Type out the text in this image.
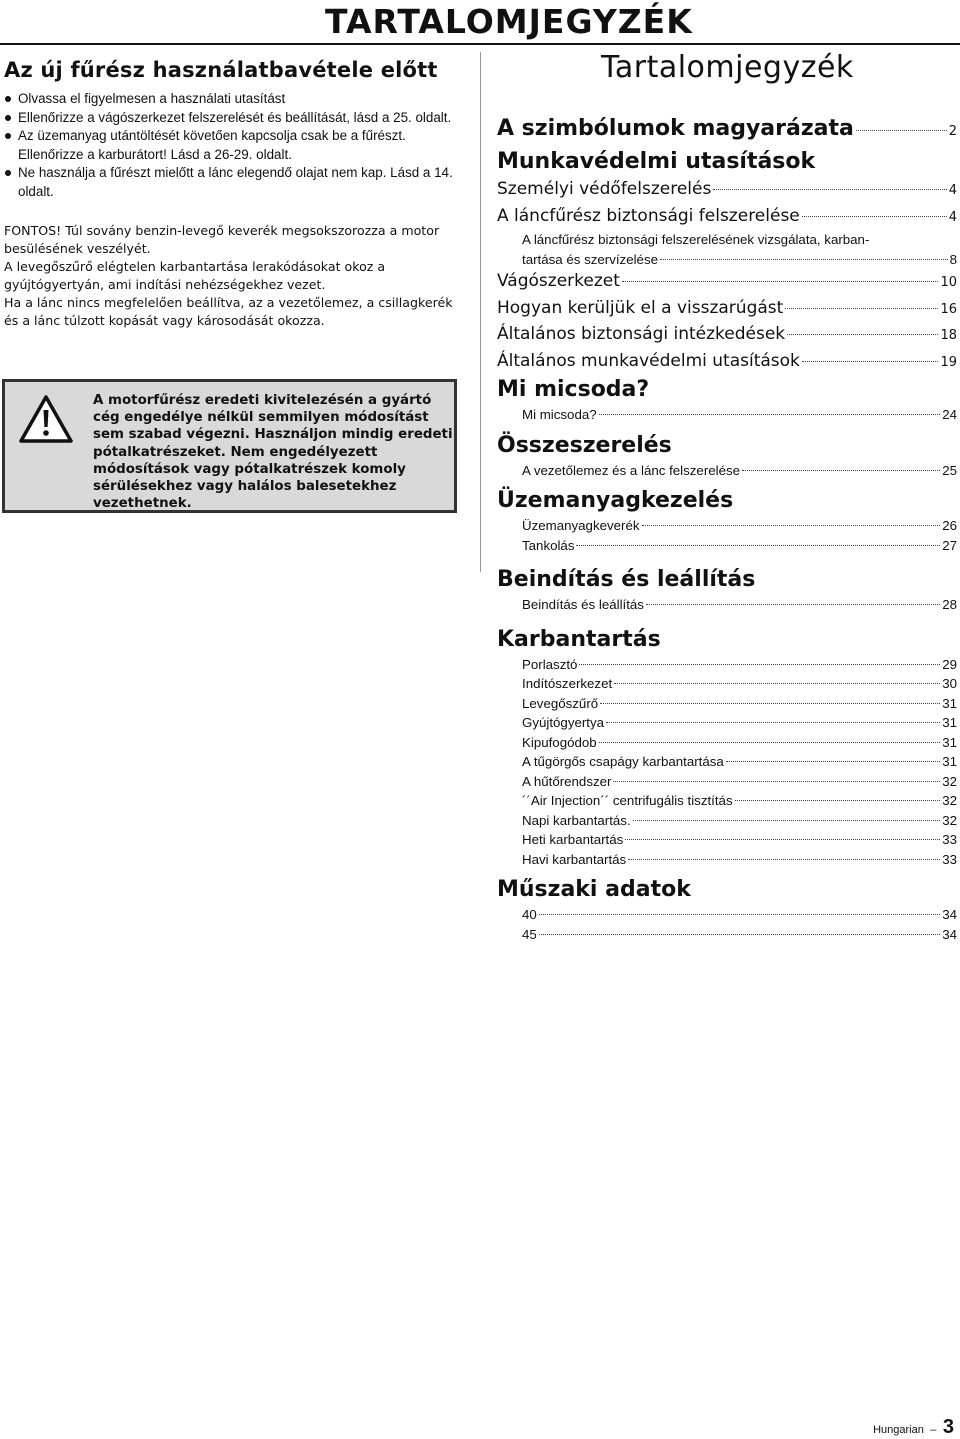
TARTALOMJEGYZÉK
Az új fűrész használatbavétele előtt
Olvassa el figyelmesen a használati utasítást
Ellenőrizze a vágószerkezet felszerelését és beállítását, lásd a 25. oldalt.
Az üzemanyag utántöltését követően kapcsolja csak be a fűrészt. Ellenőrizze a karburátort! Lásd a 26-29. oldalt.
Ne használja a fűrészt mielőtt a lánc elegendő olajat nem kap. Lásd a 14. oldalt.

FONTOS! Túl sovány benzin-levegő keverék megsokszorozza a motor besülésének veszélyét.

A levegőszűrő elégtelen karbantartása lerakódásokat okoz a gyújtógyertyán, ami indítási nehézségekhez vezet.

Ha a lánc nincs megfelelően beállítva, az a vezetőlemez, a csillagkerék és a lánc túlzott kopását vagy károsodását okozza.

A motorfűrész eredeti kivitelezésén a gyártó cég engedélye nélkül semmilyen módosítást sem szabad végezni. Használjon mindig eredeti pótalkatrészeket. Nem engedélyezett módosítások vagy pótalkatrészek komoly sérülésekhez vagy halálos balesetekhez vezethetnek.
Tartalomjegyzék
A szimbólumok magyarázata	2
Munkavédelmi utasítások
Személyi védőfelszerelés	4
A láncfűrész biztonsági felszerelése	4
A láncfűrész biztonsági felszerelésének vizsgálata, karban-
tartása és szervízelése	8
Vágószerkezet	10
Hogyan kerüljük el a visszarúgást	16
Általános biztonsági intézkedések	18
Általános munkavédelmi utasítások	19
Mi micsoda?
Mi micsoda?	24
Összeszerelés
A vezetőlemez és a lánc felszerelése	25
Üzemanyagkezelés
Üzemanyagkeverék	26
Tankolás	27
Beindítás és leállítás
Beindítás és leállítás	28
Karbantartás
Porlasztó	29
Indítószerkezet	30
Levegőszűrő	31
Gyújtógyertya	31
Kipufogódob	31
A tűgörgős csapágy karbantartása	31
A hűtőrendszer	32
´´Air Injection´´ centrifugális tisztítás	32
Napi karbantartás.	32
Heti karbantartás	33
Havi karbantartás	33
Műszaki adatok
40	34
45	34
Hungarian – 3
